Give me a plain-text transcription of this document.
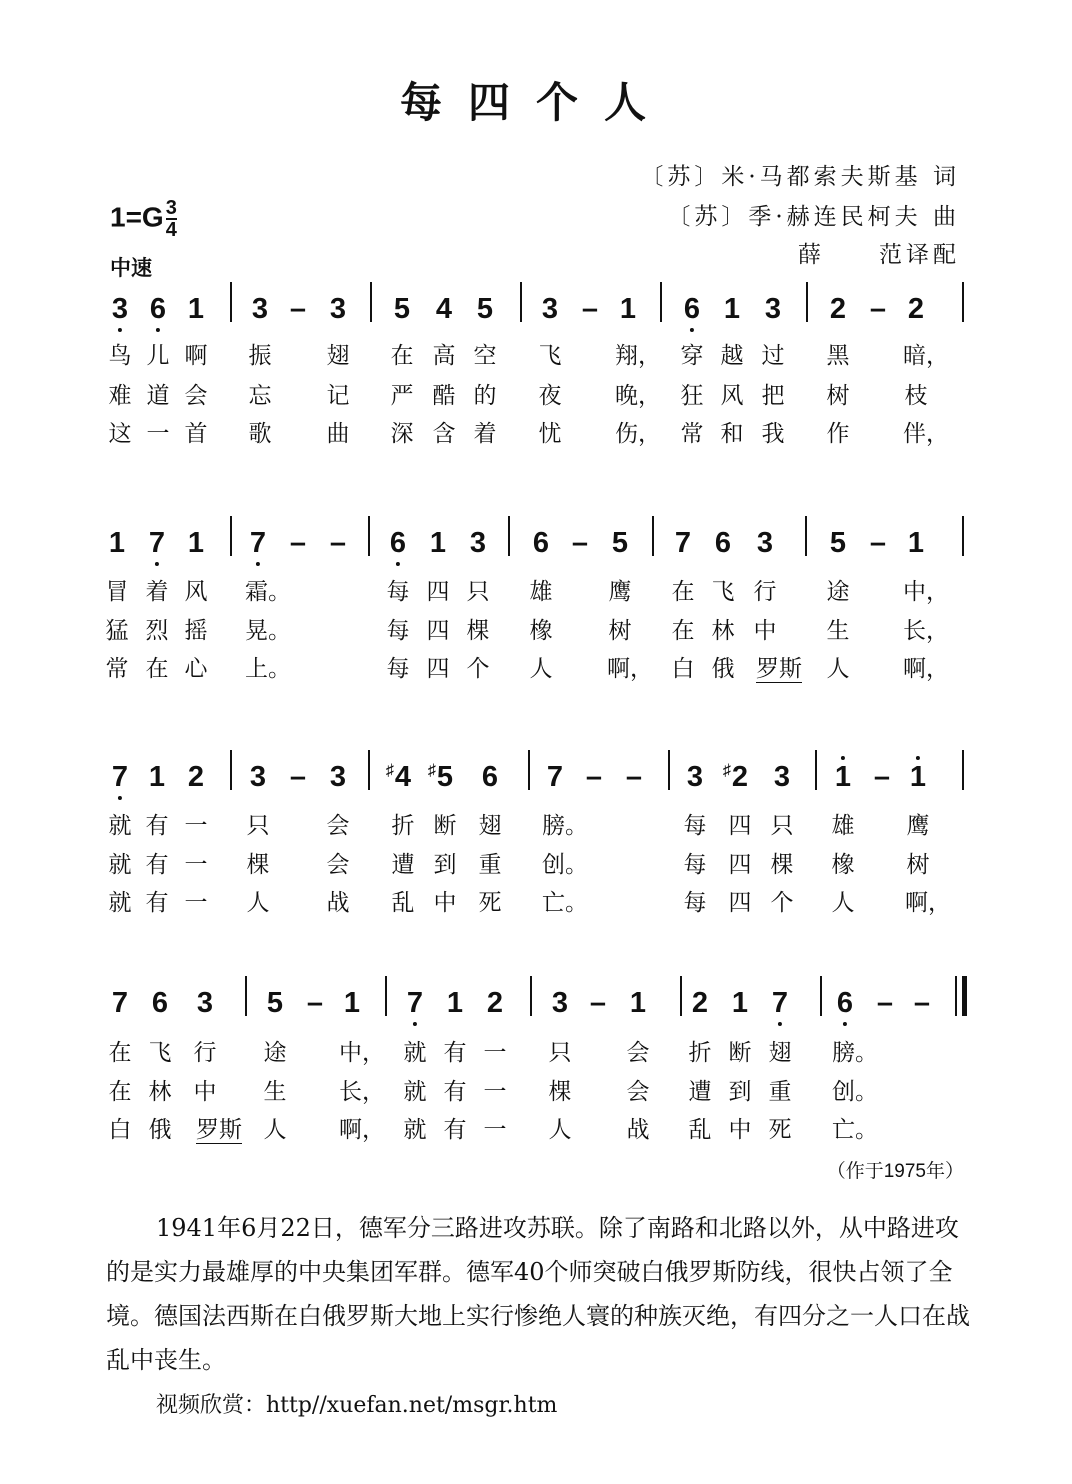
每四个人
〔苏〕米·马都索夫斯基 词
〔苏〕季·赫连民柯夫 曲
薛　　范译配
$1=G \frac{3}{4}$
中速
3 6 1 3 – 3 5 4 5 3 – 1 6 1 3 2 – 2
鸟 儿 啊 振 翅 在 高 空 飞 翔， 穿 越 过 黑 暗，
难 道 会 忘 记 严 酷 的 夜 晚， 狂 风 把 树 枝
这 一 首 歌 曲 深 含 着 忧 伤， 常 和 我 作 伴，
1 7 1 7 – – 6 1 3 6 – 5 7 6 3 5 – 1
冒 着 风 霜。	每 四 只 雄 鹰 在 飞 行 途 中，
猛 烈 摇 晃。	每 四 棵 橡 树 在 林 中 生 长，
常 在 心 上。	每 四 个 人 啊， 白 俄 罗斯 人 啊，
7 1 2 3 – 3 4
♯ 5
♯ 6 7 – – 3 2
♯ 3 1 – 1
就 有 一 只 会 折 断 翅 膀。	每 四 只 雄 鹰
就 有 一 棵 会 遭 到 重 创。	每 四 棵 橡 树
就 有 一 人 战 乱 中 死 亡。	每 四 个 人 啊，
7 6 3 5 – 1 7 1 2 3 – 1 2 1 7 6 – –
在 飞 行 途 中， 就 有 一 只 会 折 断 翅 膀。
在 林 中 生 长， 就 有 一 棵 会 遭 到 重 创。
白 俄 罗斯 人 啊， 就 有 一 人 战 乱 中 死 亡。
（作于1975年）
1941年6月22日，德军分三路进攻苏联。除了南路和北路以外，从中路进攻的是实力最雄厚的中央集团军群。德军40个师突破白俄罗斯防线，很快占领了全境。德国法西斯在白俄罗斯大地上实行惨绝人寰的种族灭绝，有四分之一人口在战乱中丧生。
视频欣赏：http//xuefan.net/msgr.htm
